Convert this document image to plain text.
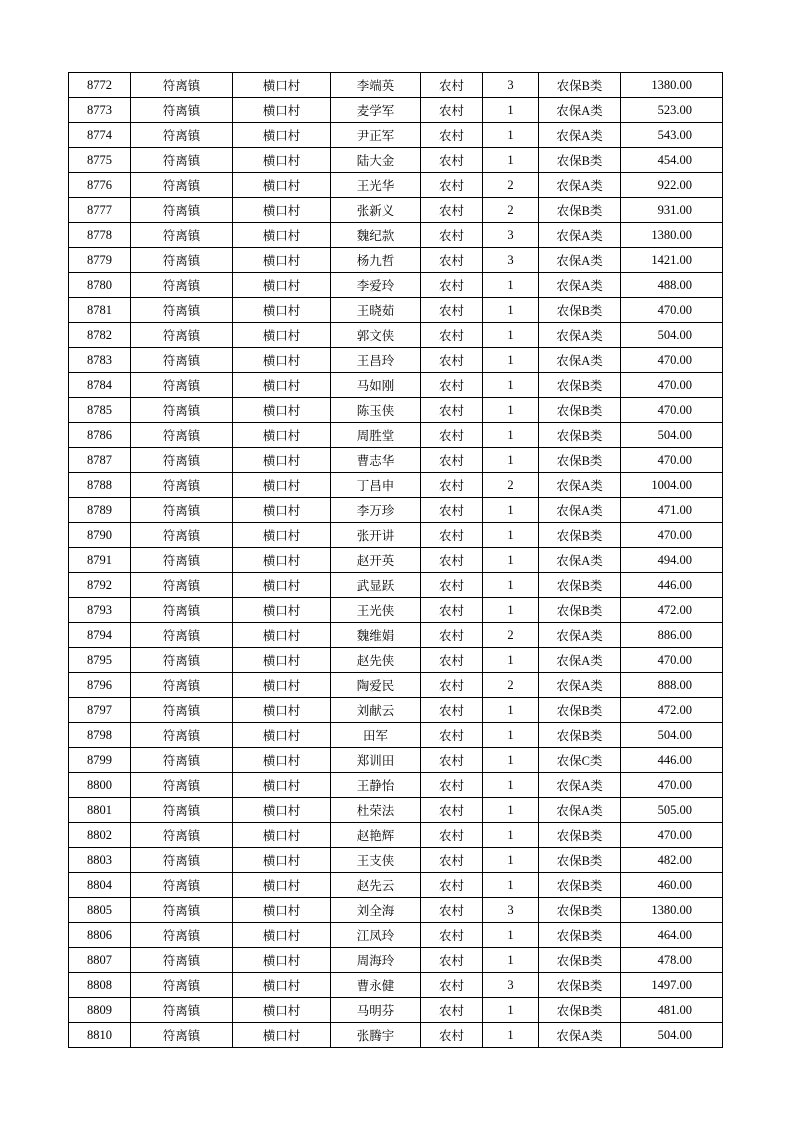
8772	符离镇	横口村	李端英	农村	3	农保B类	1380.00
8773	符离镇	横口村	麦学军	农村	1	农保A类	523.00
8774	符离镇	横口村	尹正军	农村	1	农保A类	543.00
8775	符离镇	横口村	陆大金	农村	1	农保B类	454.00
8776	符离镇	横口村	王光华	农村	2	农保A类	922.00
8777	符离镇	横口村	张新义	农村	2	农保B类	931.00
8778	符离镇	横口村	魏纪款	农村	3	农保A类	1380.00
8779	符离镇	横口村	杨九哲	农村	3	农保A类	1421.00
8780	符离镇	横口村	李爱玲	农村	1	农保A类	488.00
8781	符离镇	横口村	王晓茹	农村	1	农保B类	470.00
8782	符离镇	横口村	郭文侠	农村	1	农保A类	504.00
8783	符离镇	横口村	王昌玲	农村	1	农保A类	470.00
8784	符离镇	横口村	马如刚	农村	1	农保B类	470.00
8785	符离镇	横口村	陈玉侠	农村	1	农保B类	470.00
8786	符离镇	横口村	周胜堂	农村	1	农保B类	504.00
8787	符离镇	横口村	曹志华	农村	1	农保B类	470.00
8788	符离镇	横口村	丁昌申	农村	2	农保A类	1004.00
8789	符离镇	横口村	李万珍	农村	1	农保A类	471.00
8790	符离镇	横口村	张开讲	农村	1	农保B类	470.00
8791	符离镇	横口村	赵开英	农村	1	农保A类	494.00
8792	符离镇	横口村	武显跃	农村	1	农保B类	446.00
8793	符离镇	横口村	王光侠	农村	1	农保B类	472.00
8794	符离镇	横口村	魏维娟	农村	2	农保A类	886.00
8795	符离镇	横口村	赵先侠	农村	1	农保A类	470.00
8796	符离镇	横口村	陶爱民	农村	2	农保A类	888.00
8797	符离镇	横口村	刘献云	农村	1	农保B类	472.00
8798	符离镇	横口村	田军	农村	1	农保B类	504.00
8799	符离镇	横口村	郑训田	农村	1	农保C类	446.00
8800	符离镇	横口村	王静怡	农村	1	农保A类	470.00
8801	符离镇	横口村	杜荣法	农村	1	农保A类	505.00
8802	符离镇	横口村	赵艳辉	农村	1	农保B类	470.00
8803	符离镇	横口村	王支侠	农村	1	农保B类	482.00
8804	符离镇	横口村	赵先云	农村	1	农保B类	460.00
8805	符离镇	横口村	刘全海	农村	3	农保B类	1380.00
8806	符离镇	横口村	江凤玲	农村	1	农保B类	464.00
8807	符离镇	横口村	周海玲	农村	1	农保B类	478.00
8808	符离镇	横口村	曹永健	农村	3	农保B类	1497.00
8809	符离镇	横口村	马明芬	农村	1	农保B类	481.00
8810	符离镇	横口村	张腾宇	农村	1	农保A类	504.00
